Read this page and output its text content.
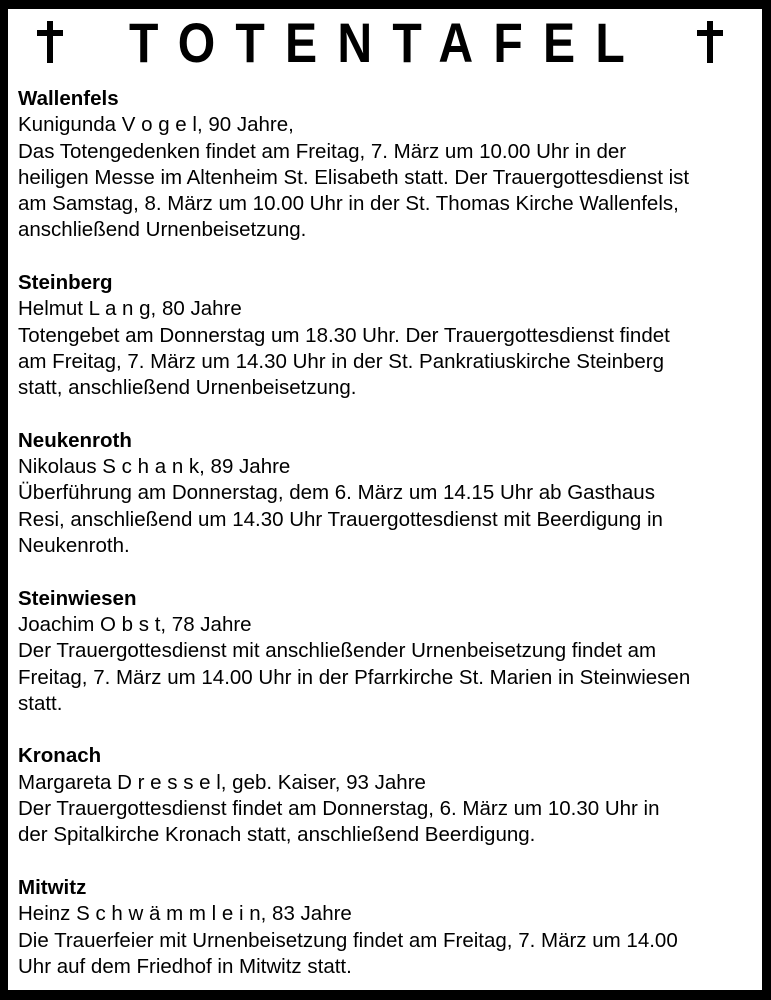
TOTENTAFEL
Wallenfels
Kunigunda V o g e l, 90 Jahre,
Das Totengedenken findet am Freitag, 7. März um 10.00 Uhr in der
heiligen Messe im Altenheim St. Elisabeth statt. Der Trauergottesdienst ist
am Samstag, 8. März um 10.00 Uhr in der St. Thomas Kirche Wallenfels,
anschließend Urnenbeisetzung.
Steinberg
Helmut L a n g, 80 Jahre
Totengebet am Donnerstag um 18.30 Uhr. Der Trauergottesdienst findet
am Freitag, 7. März um 14.30 Uhr in der St. Pankratiuskirche Steinberg
statt, anschließend Urnenbeisetzung.
Neukenroth
Nikolaus S c h a n k, 89 Jahre
Überführung am Donnerstag, dem 6. März um 14.15 Uhr ab Gasthaus
Resi, anschließend um 14.30 Uhr Trauergottesdienst mit Beerdigung in
Neukenroth.
Steinwiesen
Joachim O b s t, 78 Jahre
Der Trauergottesdienst mit anschließender Urnenbeisetzung findet am
Freitag, 7. März um 14.00 Uhr in der Pfarrkirche St. Marien in Steinwiesen
statt.
Kronach
Margareta D r e s s e l, geb. Kaiser, 93 Jahre
Der Trauergottesdienst findet am Donnerstag, 6. März um 10.30 Uhr in
der Spitalkirche Kronach statt, anschließend Beerdigung.
Mitwitz
Heinz S c h w ä m m l e i n, 83 Jahre
Die Trauerfeier mit Urnenbeisetzung findet am Freitag, 7. März um 14.00
Uhr auf dem Friedhof in Mitwitz statt.
